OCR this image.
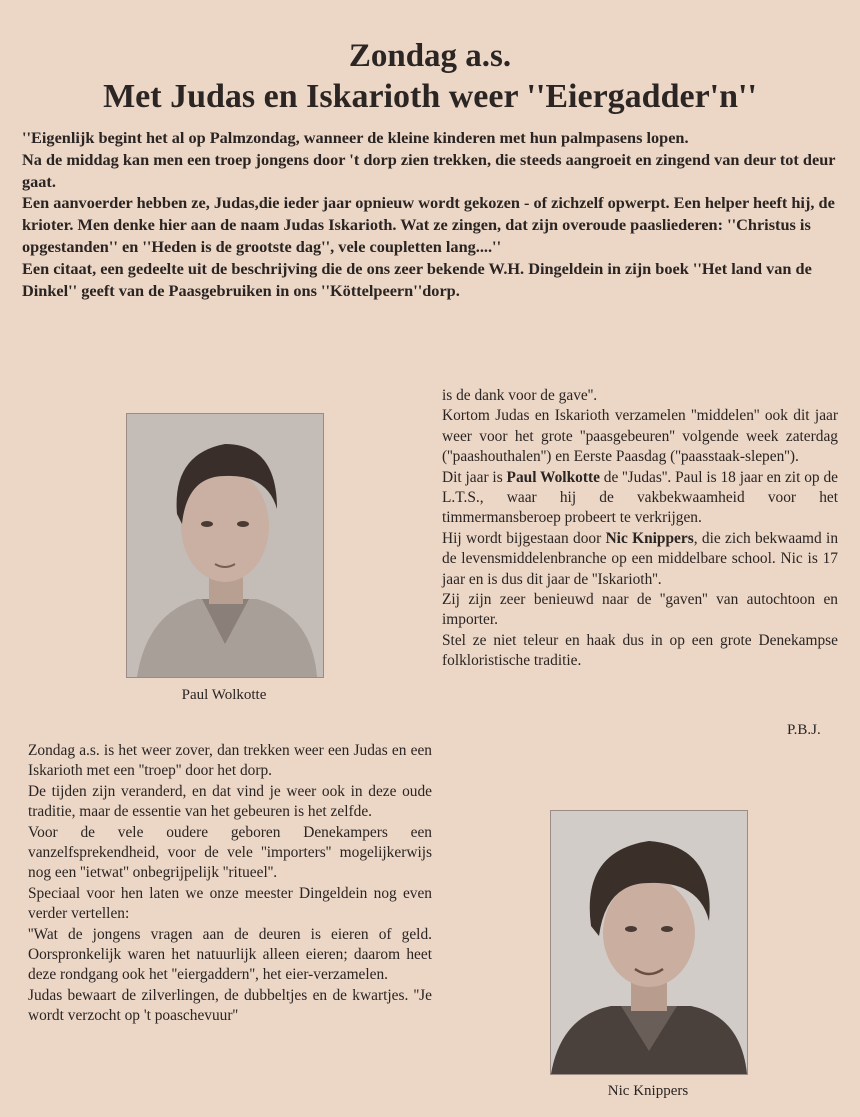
Zondag a.s.
Met Judas en Iskarioth weer ''Eiergadder'n''

''Eigenlijk begint het al op Palmzondag, wanneer de kleine kinderen met hun palmpasens lopen.

Na de middag kan men een troep jongens door 't dorp zien trekken, die steeds aangroeit en zingend van deur tot deur gaat.

Een aanvoerder hebben ze, Judas,die ieder jaar opnieuw wordt gekozen - of zichzelf opwerpt. Een helper heeft hij, de krioter. Men denke hier aan de naam Judas Iskarioth. Wat ze zingen, dat zijn overoude paasliederen: ''Christus is opgestanden'' en ''Heden is de grootste dag'', vele coupletten lang....''

Een citaat, een gedeelte uit de beschrijving die de ons zeer bekende W.H. Dingeldein in zijn boek ''Het land van de Dinkel'' geeft van de Paasgebruiken in ons ''Köttelpeern''dorp.

Paul Wolkotte

Zondag a.s. is het weer zover, dan trekken weer een Judas en een Iskarioth met een ''troep'' door het dorp.

De tijden zijn veranderd, en dat vind je weer ook in deze oude traditie, maar de essentie van het gebeuren is het zelfde.

Voor de vele oudere geboren Denekampers een vanzelfsprekendheid, voor de vele ''importers'' mogelijkerwijs nog een ''ietwat'' onbegrijpelijk ''ritueel''.

Speciaal voor hen laten we onze meester Dingeldein nog even verder vertellen:

''Wat de jongens vragen aan de deuren is eieren of geld. Oorspronkelijk waren het natuurlijk alleen eieren; daarom heet deze rondgang ook het ''eiergaddern'', het eier-verzamelen.

Judas bewaart de zilverlingen, de dubbeltjes en de kwartjes. ''Je wordt verzocht op 't poaschevuur''

is de dank voor de gave''.

Kortom Judas en Iskarioth verzamelen ''middelen'' ook dit jaar weer voor het grote ''paasgebeuren'' volgende week zaterdag (''paashouthalen'') en Eerste Paasdag (''paasstaak-slepen'').

Dit jaar is Paul Wolkotte de ''Judas''. Paul is 18 jaar en zit op de L.T.S., waar hij de vakbekwaamheid voor het timmermansberoep probeert te verkrijgen.

Hij wordt bijgestaan door Nic Knippers, die zich bekwaamd in de levensmiddelenbranche op een middelbare school. Nic is 17 jaar en is dus dit jaar de ''Iskarioth''.

Zij zijn zeer benieuwd naar de ''gaven'' van autochtoon en importer.

Stel ze niet teleur en haak dus in op een grote Denekampse folkloristische traditie.

P.B.J.
Nic Knippers
